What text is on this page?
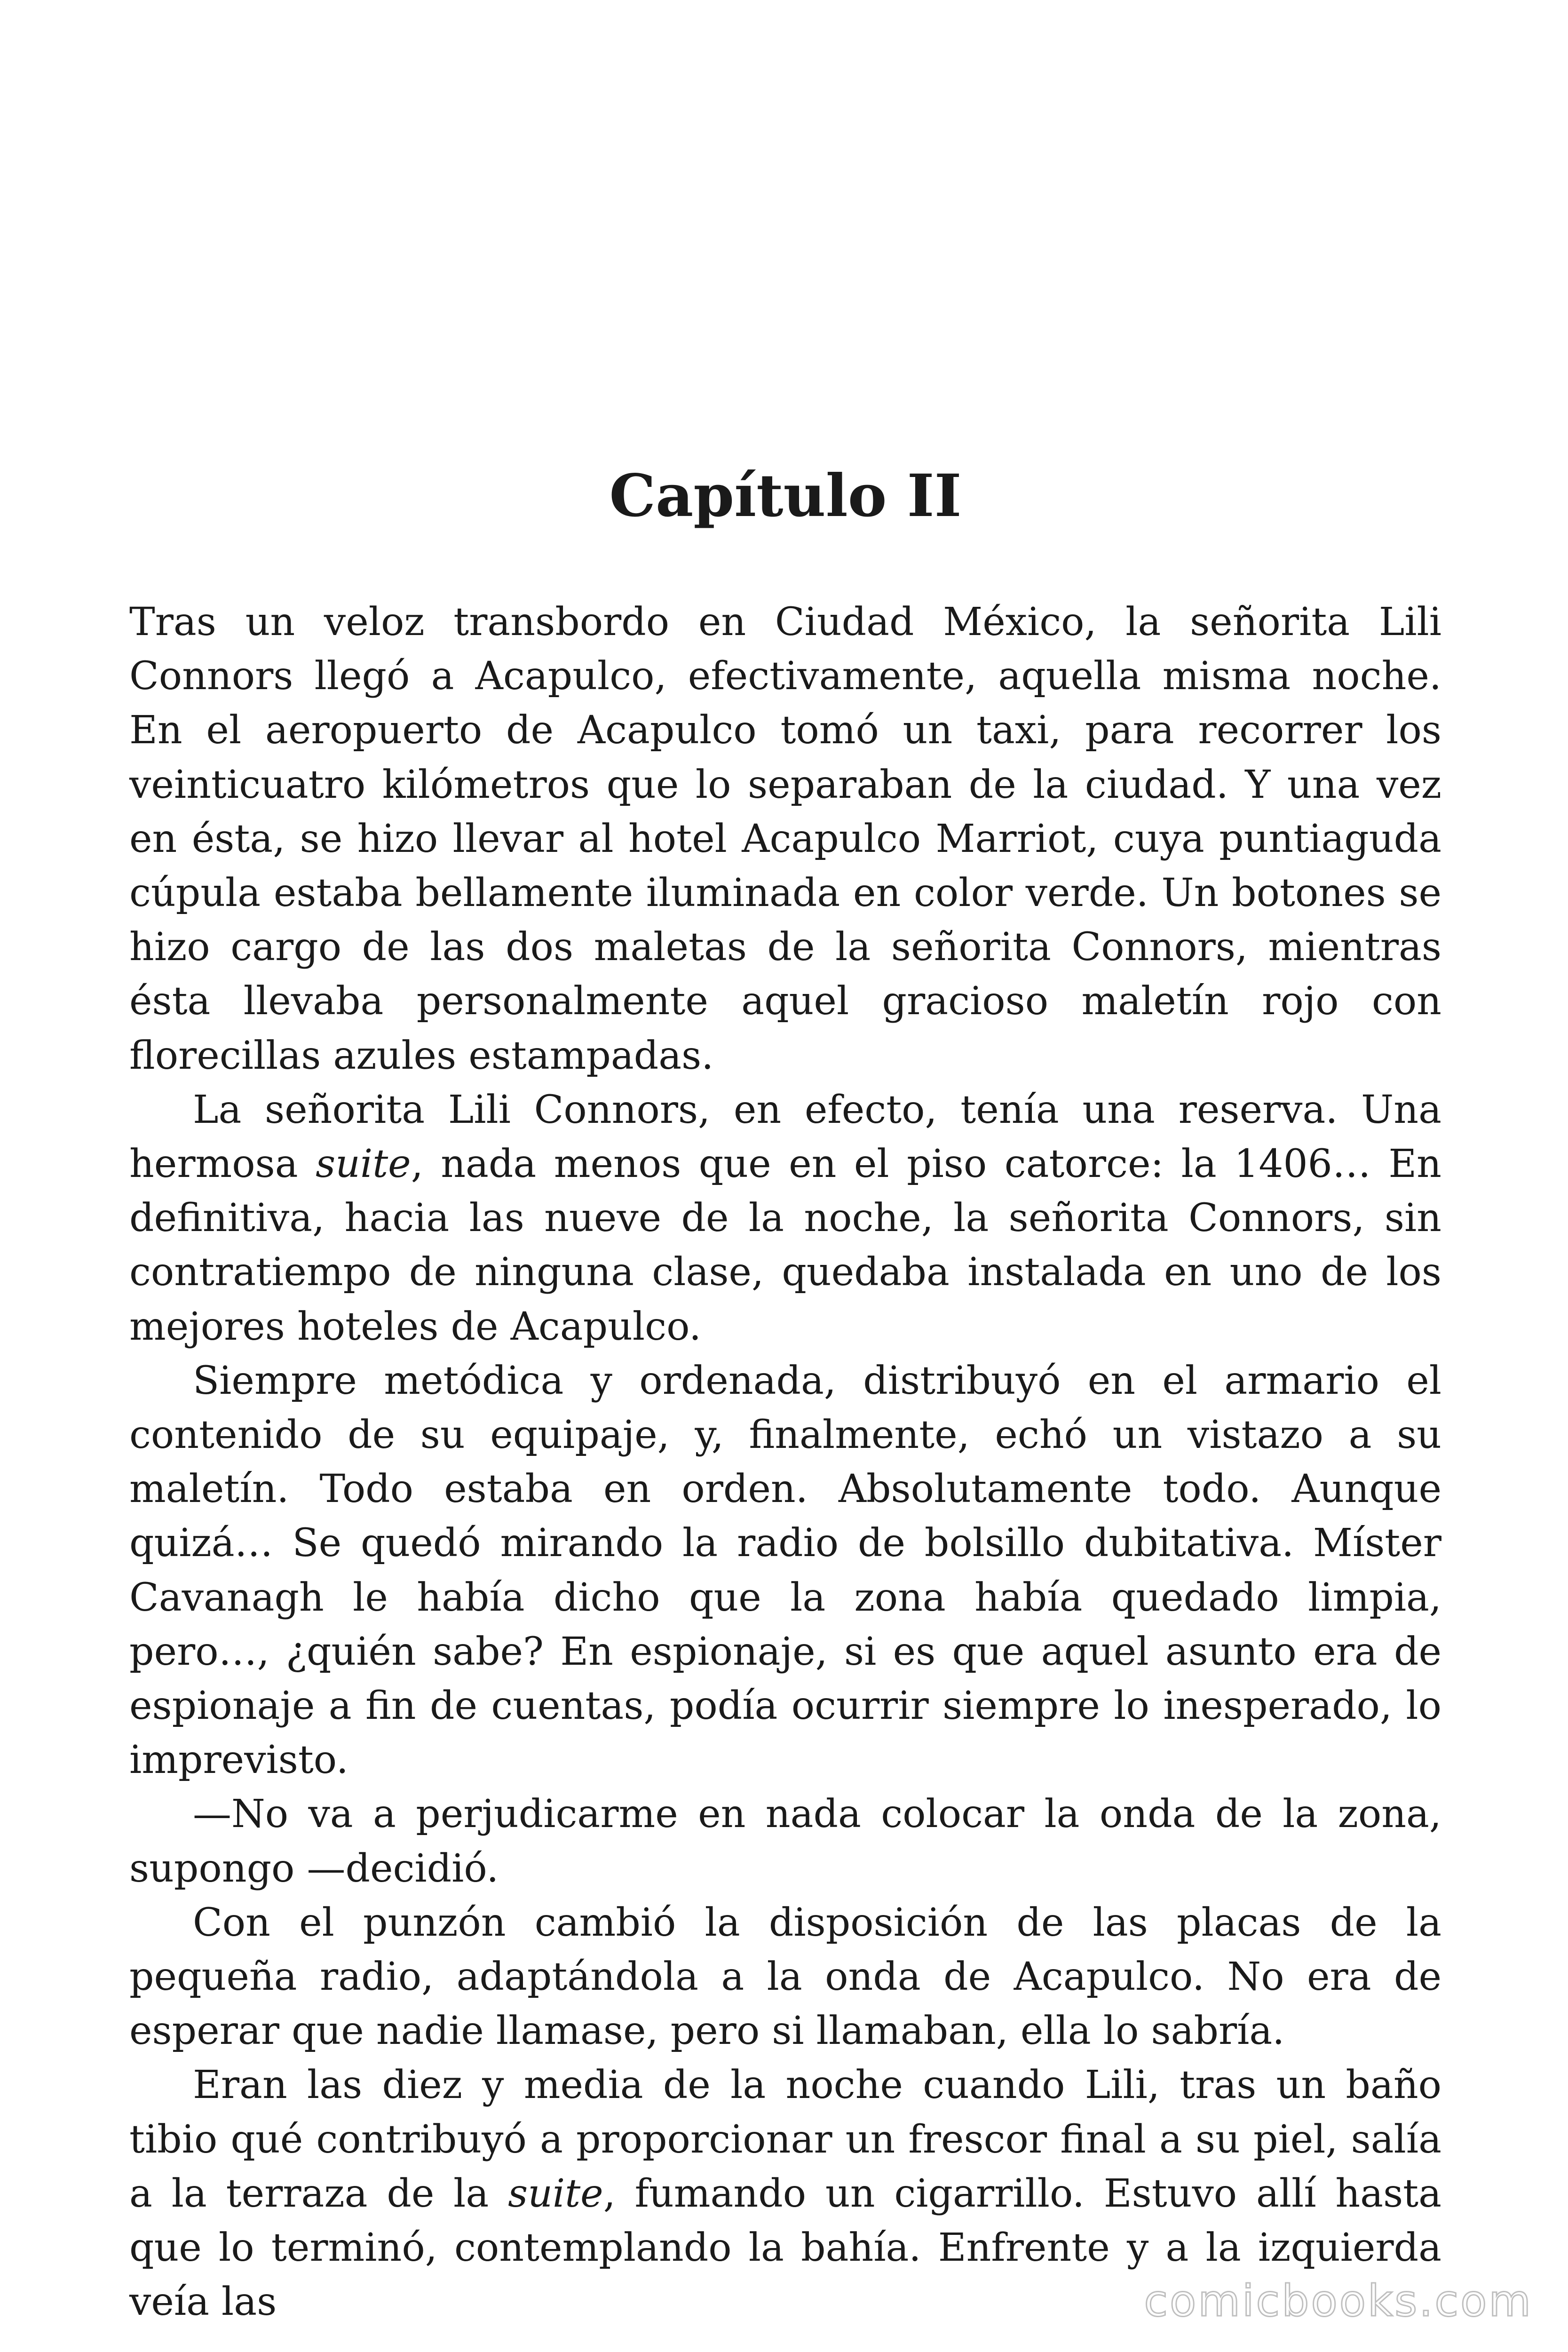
Capítulo II

Tras un veloz transbordo en Ciudad México, la señorita Lili Connors llegó a Acapulco, efectivamente, aquella misma noche. En el aeropuerto de Acapulco tomó un taxi, para recorrer los veinticuatro kilómetros que lo separaban de la ciudad. Y una vez en ésta, se hizo llevar al hotel Acapulco Marriot, cuya puntiaguda cúpula estaba bellamente iluminada en color verde. Un botones se hizo cargo de las dos maletas de la señorita Connors, mientras ésta llevaba personalmente aquel gracioso maletín rojo con florecillas azules estampadas.

La señorita Lili Connors, en efecto, tenía una reserva. Una hermosa suite, nada menos que en el piso catorce: la 1406… En definitiva, hacia las nueve de la noche, la señorita Connors, sin contratiempo de ninguna clase, quedaba instalada en uno de los mejores hoteles de Acapulco.

Siempre metódica y ordenada, distribuyó en el armario el contenido de su equipaje, y, finalmente, echó un vistazo a su maletín. Todo estaba en orden. Absolutamente todo. Aunque quizá… Se quedó mirando la radio de bolsillo dubitativa. Míster Cavanagh le había dicho que la zona había quedado limpia, pero…, ¿quién sabe? En espionaje, si es que aquel asunto era de espionaje a fin de cuentas, podía ocurrir siempre lo inesperado, lo imprevisto.

—No va a perjudicarme en nada colocar la onda de la zona, supongo —decidió.

Con el punzón cambió la disposición de las placas de la pequeña radio, adaptándola a la onda de Acapulco. No era de esperar que nadie llamase, pero si llamaban, ella lo sabría.

Eran las diez y media de la noche cuando Lili, tras un baño tibio qué contribuyó a proporcionar un frescor final a su piel, salía a la terraza de la suite, fumando un cigarrillo. Estuvo allí hasta que lo terminó, contemplando la bahía. Enfrente y a la izquierda veía las	comicbooks.com
